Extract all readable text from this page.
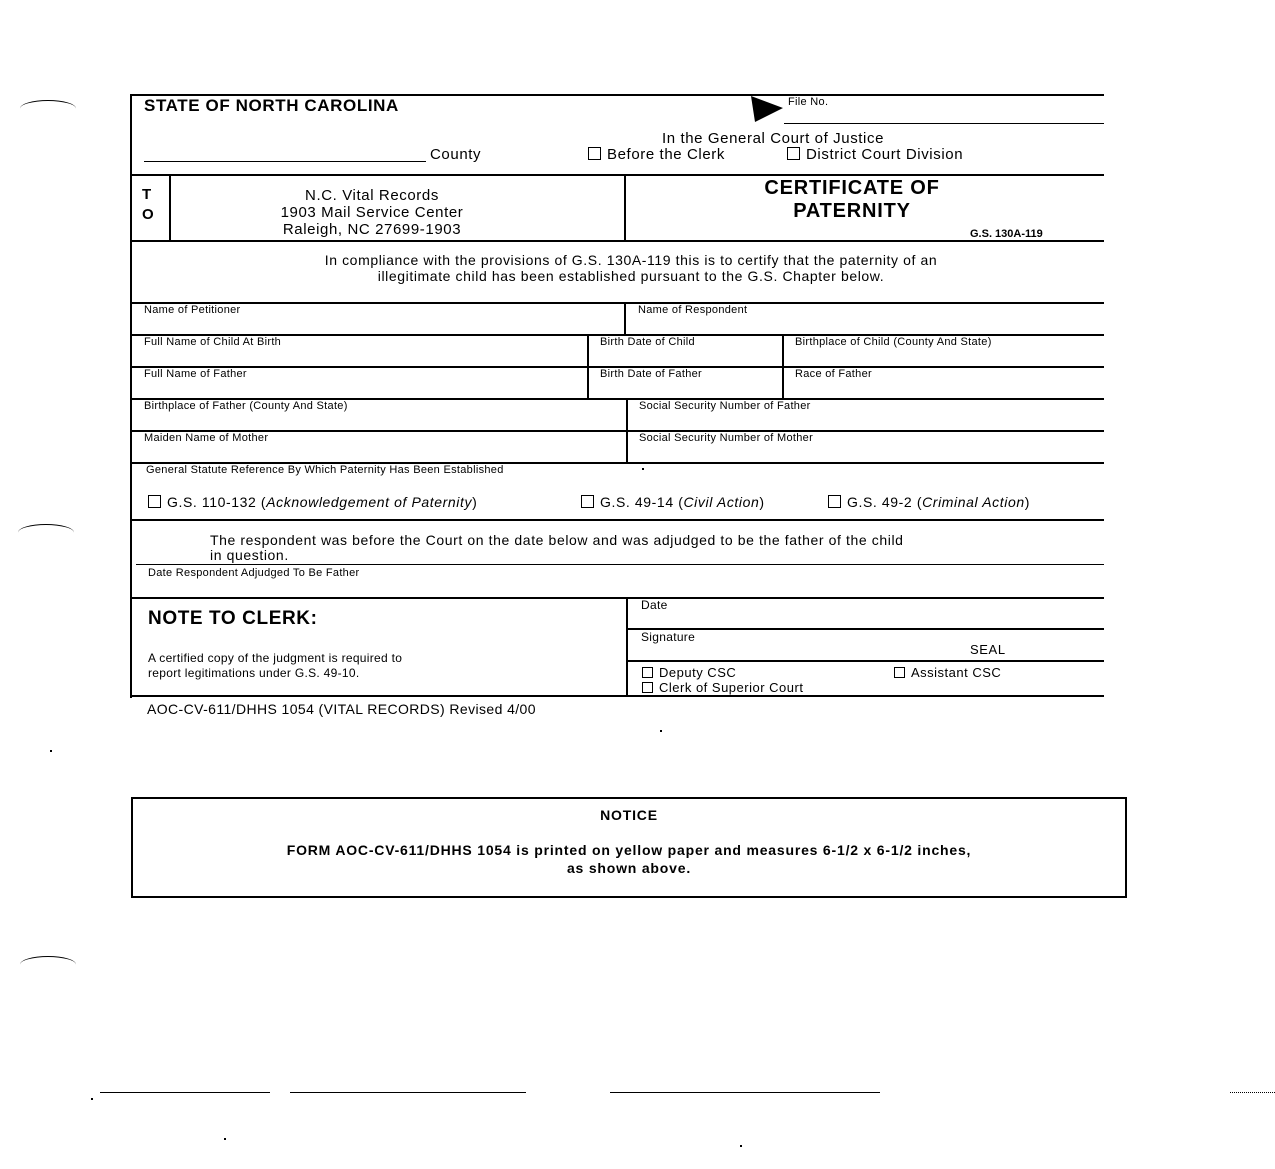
STATE OF NORTH CAROLINA	File No.
In the General Court of Justice
County	Before the Clerk	District Court Division
T
O
N.C. Vital Records
1903 Mail Service Center
Raleigh, NC 27699-1903
CERTIFICATE OF
PATERNITY
G.S. 130A-119
In compliance with the provisions of G.S. 130A-119 this is to certify that the paternity of an
illegitimate child has been established pursuant to the G.S. Chapter below.
Name of Petitioner	Name of Respondent
Full Name of Child At Birth	Birth Date of Child	Birthplace of Child (County And State)
Full Name of Father	Birth Date of Father	Race of Father
Birthplace of Father (County And State)	Social Security Number of Father
Maiden Name of Mother	Social Security Number of Mother
General Statute Reference By Which Paternity Has Been Established
G.S. 110-132 (Acknowledgement of Paternity)	G.S. 49-14 (Civil Action)	G.S. 49-2 (Criminal Action)
The respondent was before the Court on the date below and was adjudged to be the father of the child
in question.
Date Respondent Adjudged To Be Father
NOTE TO CLERK:
A certified copy of the judgment is required to
report legitimations under G.S. 49-10.
Date
Signature
SEAL
Deputy CSC	Assistant CSC
Clerk of Superior Court
AOC-CV-611/DHHS 1054 (VITAL RECORDS) Revised 4/00
NOTICE
FORM AOC-CV-611/DHHS 1054 is printed on yellow paper and measures 6-1/2 x 6-1/2 inches,
as shown above.
